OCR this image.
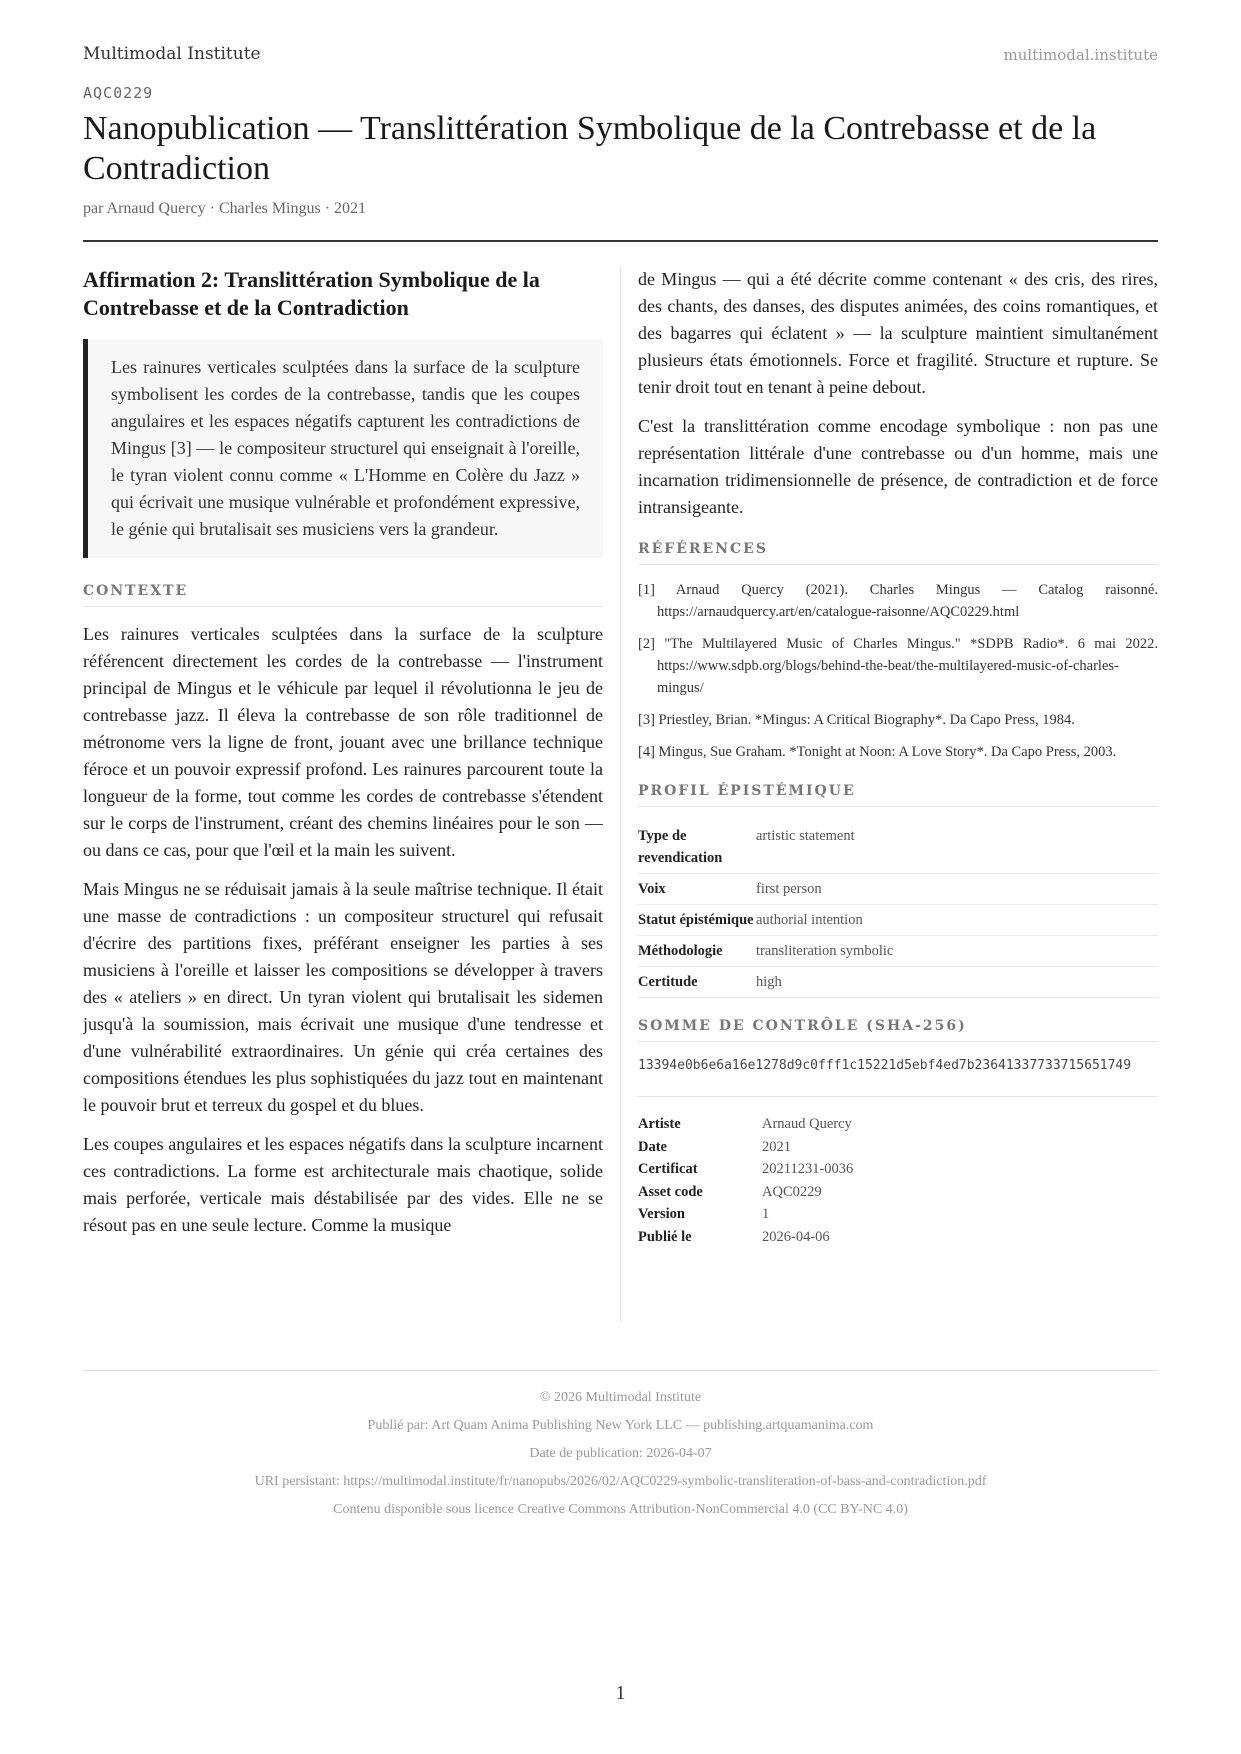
Multimodal Institute	multimodal.institute
AQC0229
Nanopublication — Translittération Symbolique de la Contrebasse et de la Contradiction
par Arnaud Quercy · Charles Mingus · 2021
Affirmation 2: Translittération Symbolique de la Contrebasse et de la Contradiction

Les rainures verticales sculptées dans la surface de la sculpture symbolisent les cordes de la contrebasse, tandis que les coupes angulaires et les espaces négatifs capturent les contradictions de Mingus [3] — le compositeur structurel qui enseignait à l'oreille, le tyran violent connu comme « L'Homme en Colère du Jazz » qui écrivait une musique vulnérable et profondément expressive, le génie qui brutalisait ses musiciens vers la grandeur.

CONTEXTE

Les rainures verticales sculptées dans la surface de la sculpture référencent directement les cordes de la contrebasse — l'instrument principal de Mingus et le véhicule par lequel il révolutionna le jeu de contrebasse jazz. Il éleva la contrebasse de son rôle traditionnel de métronome vers la ligne de front, jouant avec une brillance technique féroce et un pouvoir expressif profond. Les rainures parcourent toute la longueur de la forme, tout comme les cordes de contrebasse s'étendent sur le corps de l'instrument, créant des chemins linéaires pour le son — ou dans ce cas, pour que l'œil et la main les suivent.

Mais Mingus ne se réduisait jamais à la seule maîtrise technique. Il était une masse de contradictions : un compositeur structurel qui refusait d'écrire des partitions fixes, préférant enseigner les parties à ses musiciens à l'oreille et laisser les compositions se développer à travers des « ateliers » en direct. Un tyran violent qui brutalisait les sidemen jusqu'à la soumission, mais écrivait une musique d'une tendresse et d'une vulnérabilité extraordinaires. Un génie qui créa certaines des compositions étendues les plus sophistiquées du jazz tout en maintenant le pouvoir brut et terreux du gospel et du blues.

Les coupes angulaires et les espaces négatifs dans la sculpture incarnent ces contradictions. La forme est architecturale mais chaotique, solide mais perforée, verticale mais déstabilisée par des vides. Elle ne se résout pas en une seule lecture. Comme la musique

de Mingus — qui a été décrite comme contenant « des cris, des rires, des chants, des danses, des disputes animées, des coins romantiques, et des bagarres qui éclatent » — la sculpture maintient simultanément plusieurs états émotionnels. Force et fragilité. Structure et rupture. Se tenir droit tout en tenant à peine debout.

C'est la translittération comme encodage symbolique : non pas une représentation littérale d'une contrebasse ou d'un homme, mais une incarnation tridimensionnelle de présence, de contradiction et de force intransigeante.

RÉFÉRENCES
[1] Arnaud Quercy (2021). Charles Mingus — Catalog raisonné. https://arnaudquercy.art/en/catalogue-raisonne/AQC0229.html
[2] "The Multilayered Music of Charles Mingus." *SDPB Radio*. 6 mai 2022. https://www.sdpb.org/blogs/behind-the-beat/the-multilayered-music-of-charles-mingus/
[3] Priestley, Brian. *Mingus: A Critical Biography*. Da Capo Press, 1984.
[4] Mingus, Sue Graham. *Tonight at Noon: A Love Story*. Da Capo Press, 2003.
PROFIL ÉPISTÉMIQUE
Type de revendication	artistic statement
Voix	first person
Statut épistémique	authorial intention
Méthodologie	transliteration symbolic
Certitude	high
SOMME DE CONTRÔLE (SHA-256)
13394e0b6e6a16e1278d9c0fff1c15221d5ebf4ed7b23641337733715651749
Artiste	Arnaud Quercy
Date	2021
Certificat	20211231-0036
Asset code	AQC0229
Version	1
Publié le	2026-04-06
© 2026 Multimodal Institute
Publié par: Art Quam Anima Publishing New York LLC — publishing.artquamanima.com
Date de publication: 2026-04-07
URI persistant: https://multimodal.institute/fr/nanopubs/2026/02/AQC0229-symbolic-transliteration-of-bass-and-contradiction.pdf
Contenu disponible sous licence Creative Commons Attribution-NonCommercial 4.0 (CC BY-NC 4.0)
1
